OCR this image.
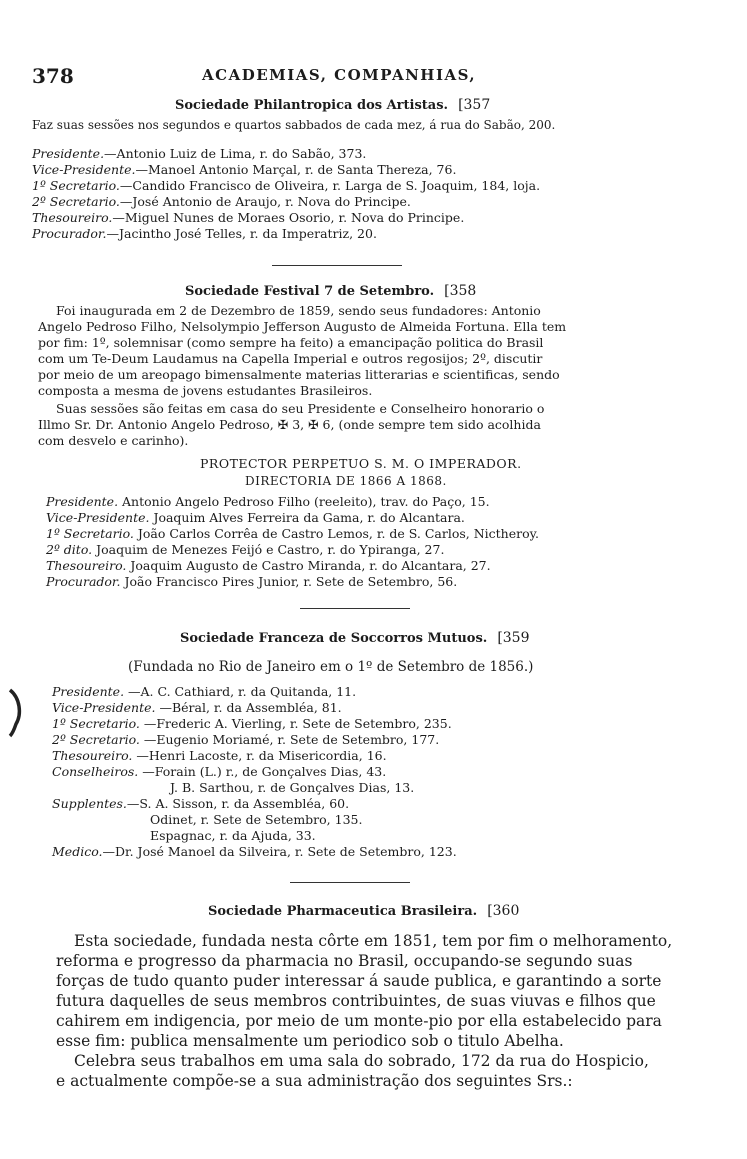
378	ACADEMIAS, COMPANHIAS,
Sociedade Philantropica dos Artistas. [357
Faz suas sessões nos segundos e quartos sabbados de cada mez, á rua do Sabão, 200.
Presidente.—Antonio Luiz de Lima, r. do Sabão, 373.
Vice-Presidente.—Manoel Antonio Marçal, r. de Santa Thereza, 76.
1º Secretario.—Candido Francisco de Oliveira, r. Larga de S. Joaquim, 184, loja.
2º Secretario.—José Antonio de Araujo, r. Nova do Principe.
Thesoureiro.—Miguel Nunes de Moraes Osorio, r. Nova do Principe.
Procurador.—Jacintho José Telles, r. da Imperatriz, 20.
Sociedade Festival 7 de Setembro. [358
Foi inaugurada em 2 de Dezembro de 1859, sendo seus fundadores: Antonio
Angelo Pedroso Filho, Nelsolympio Jefferson Augusto de Almeida Fortuna. Ella tem
por fim: 1º, solemnisar (como sempre ha feito) a emancipação politica do Brasil
com um Te-Deum Laudamus na Capella Imperial e outros regosijos; 2º, discutir
por meio de um areopago bimensalmente materias litterarias e scientificas, sendo
composta a mesma de jovens estudantes Brasileiros.
Suas sessões são feitas em casa do seu Presidente e Conselheiro honorario o
Illmo Sr. Dr. Antonio Angelo Pedroso, ✠ 3, ✠ 6, (onde sempre tem sido acolhida
com desvelo e carinho).
PROTECTOR PERPETUO S. M. O IMPERADOR.
DIRECTORIA DE 1866 A 1868.
Presidente. Antonio Angelo Pedroso Filho (reeleito), trav. do Paço, 15.
Vice-Presidente. Joaquim Alves Ferreira da Gama, r. do Alcantara.
1º Secretario. João Carlos Corrêa de Castro Lemos, r. de S. Carlos, Nictheroy.
2º dito. Joaquim de Menezes Feijó e Castro, r. do Ypiranga, 27.
Thesoureiro. Joaquim Augusto de Castro Miranda, r. do Alcantara, 27.
Procurador. João Francisco Pires Junior, r. Sete de Setembro, 56.
Sociedade Franceza de Soccorros Mutuos. [359
(Fundada no Rio de Janeiro em o 1º de Setembro de 1856.)
Presidente. —A. C. Cathiard, r. da Quitanda, 11.
Vice-Presidente. —Béral, r. da Assembléa, 81.
1º Secretario. —Frederic A. Vierling, r. Sete de Setembro, 235.
2º Secretario. —Eugenio Moriamé, r. Sete de Setembro, 177.
Thesoureiro. —Henri Lacoste, r. da Misericordia, 16.
Conselheiros. —Forain (L.) r., de Gonçalves Dias, 43.
J. B. Sarthou, r. de Gonçalves Dias, 13.
Supplentes.—S. A. Sisson, r. da Assembléa, 60.
Odinet, r. Sete de Setembro, 135.
Espagnac, r. da Ajuda, 33.
Medico.—Dr. José Manoel da Silveira, r. Sete de Setembro, 123.
Sociedade Pharmaceutica Brasileira. [360
Esta sociedade, fundada nesta côrte em 1851, tem por fim o melhoramento,
reforma e progresso da pharmacia no Brasil, occupando-se segundo suas
forças de tudo quanto puder interessar á saude publica, e garantindo a sorte
futura daquelles de seus membros contribuintes, de suas viuvas e filhos que
cahirem em indigencia, por meio de um monte-pio por ella estabelecido para
esse fim: publica mensalmente um periodico sob o titulo Abelha.
Celebra seus trabalhos em uma sala do sobrado, 172 da rua do Hospicio,
e actualmente compõe-se a sua administração dos seguintes Srs.:
